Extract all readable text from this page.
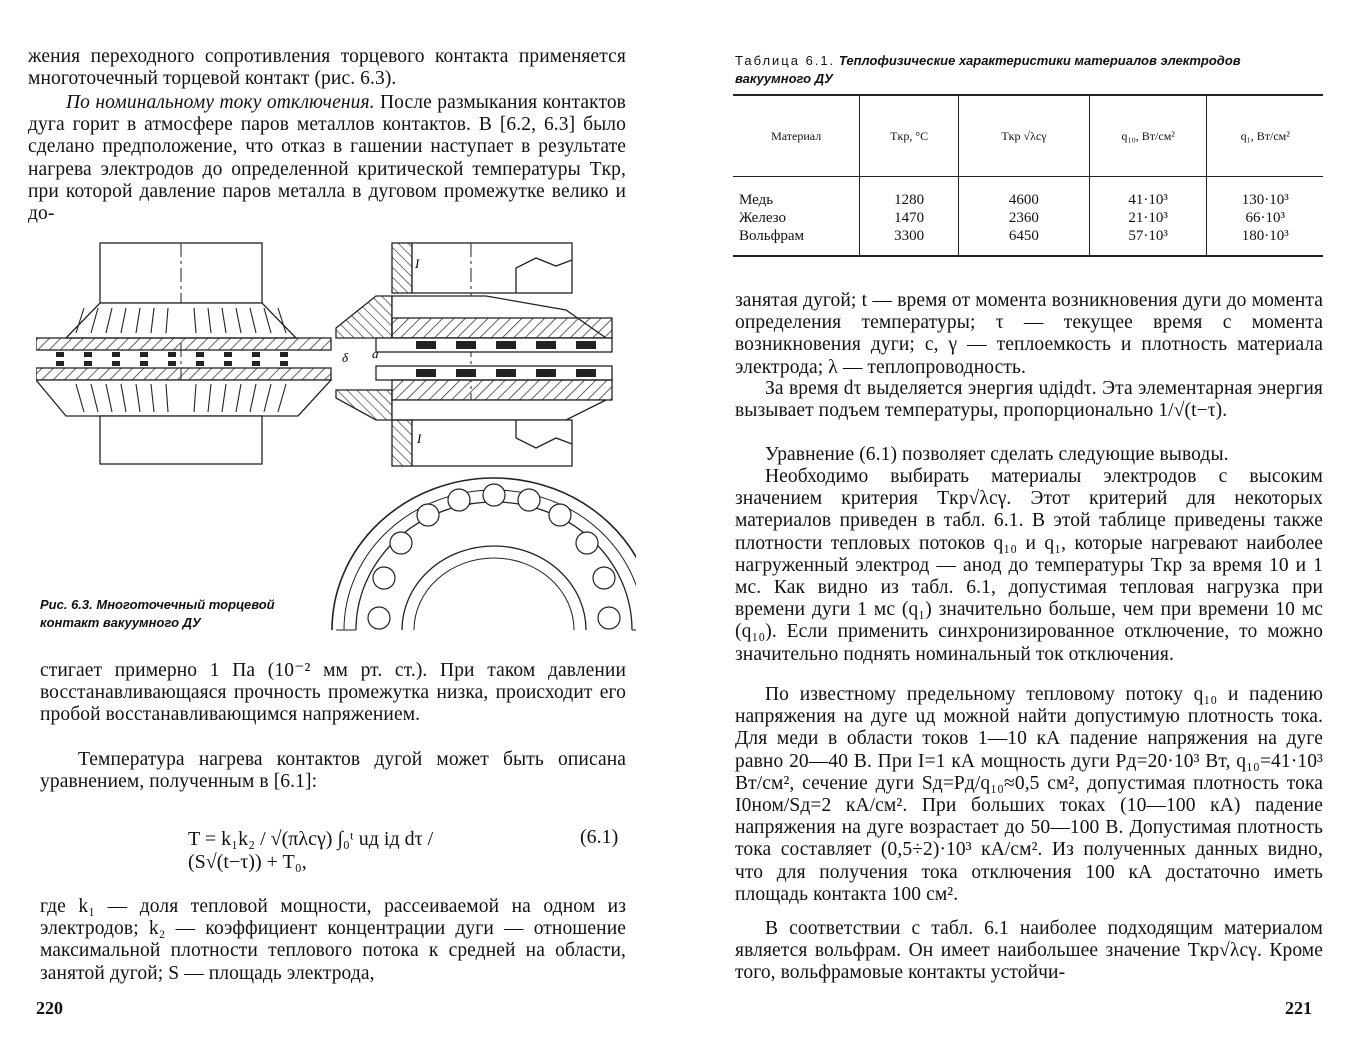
жения переходного сопротивления торцевого контакта применяется многоточечный торцевой контакт (рис. 6.3).

По номинальному току отключения. После размыкания контактов дуга горит в атмосфере паров металлов контактов. В [6.2, 6.3] было сделано предположение, что отказ в гашении наступает в результате нагрева электродов до определенной критической температуры Tкр, при которой давление паров металла в дуговом промежутке велико и до-

δ a
I
I
Рис. 6.3. Многоточечный торцевой контакт вакуумного ДУ

стигает примерно 1 Па (10⁻² мм рт. ст.). При таком давлении восстанавливающаяся прочность промежутка низка, происходит его пробой восстанавливающимся напряжением.

Температура нагрева контактов дугой может быть описана уравнением, полученным в [6.1]:

T = k₁k₂ / √(πλcγ) ∫₀ᵗ uд iд dτ / (S√(t−τ)) + T₀,
(6.1)

где k₁ — доля тепловой мощности, рассеиваемой на одном из электродов; k₂ — коэффициент концентрации дуги — отношение максимальной плотности теплового потока к средней на области, занятой дугой; S — площадь электрода,

220
Таблица 6.1. Теплофизические характеристики материалов электродов вакуумного ДУ
Материал	Tкр, °C	Tкр √λcγ	q₁₀, Вт/см²	q₁, Вт/см²
Медь	1280	4600	41·10³	130·10³
Железо	1470	2360	21·10³	66·10³
Вольфрам	3300	6450	57·10³	180·10³

занятая дугой; t — время от момента возникновения дуги до момента определения температуры; τ — текущее время с момента возникновения дуги; c, γ — теплоемкость и плотность материала электрода; λ — теплопроводность.

За время dτ выделяется энергия uдiдdτ. Эта элементарная энергия вызывает подъем температуры, пропорционально 1/√(t−τ).

Уравнение (6.1) позволяет сделать следующие выводы.

Необходимо выбирать материалы электродов с высоким значением критерия Tкр√λcγ. Этот критерий для некоторых материалов приведен в табл. 6.1. В этой таблице приведены также плотности тепловых потоков q₁₀ и q₁, которые нагревают наиболее нагруженный электрод — анод до температуры Tкр за время 10 и 1 мс. Как видно из табл. 6.1, допустимая тепловая нагрузка при времени дуги 1 мс (q₁) значительно больше, чем при времени 10 мс (q₁₀). Если применить синхронизированное отключение, то можно значительно поднять номинальный ток отключения.

По известному предельному тепловому потоку q₁₀ и падению напряжения на дуге uд можной найти допустимую плотность тока. Для меди в области токов 1—10 кА падение напряжения на дуге равно 20—40 В. При I=1 кА мощность дуги Pд=20·10³ Вт, q₁₀=41·10³ Вт/см², сечение дуги Sд=Pд/q₁₀≈0,5 см², допустимая плотность тока I0ном/Sд=2 кА/см². При больших токах (10—100 кА) падение напряжения на дуге возрастает до 50—100 В. Допустимая плотность тока составляет (0,5÷2)·10³ кА/см². Из полученных данных видно, что для получения тока отключения 100 кА достаточно иметь площадь контакта 100 см².

В соответствии с табл. 6.1 наиболее подходящим материалом является вольфрам. Он имеет наибольшее значение Tкр√λcγ. Кроме того, вольфрамовые контакты устойчи-

221
